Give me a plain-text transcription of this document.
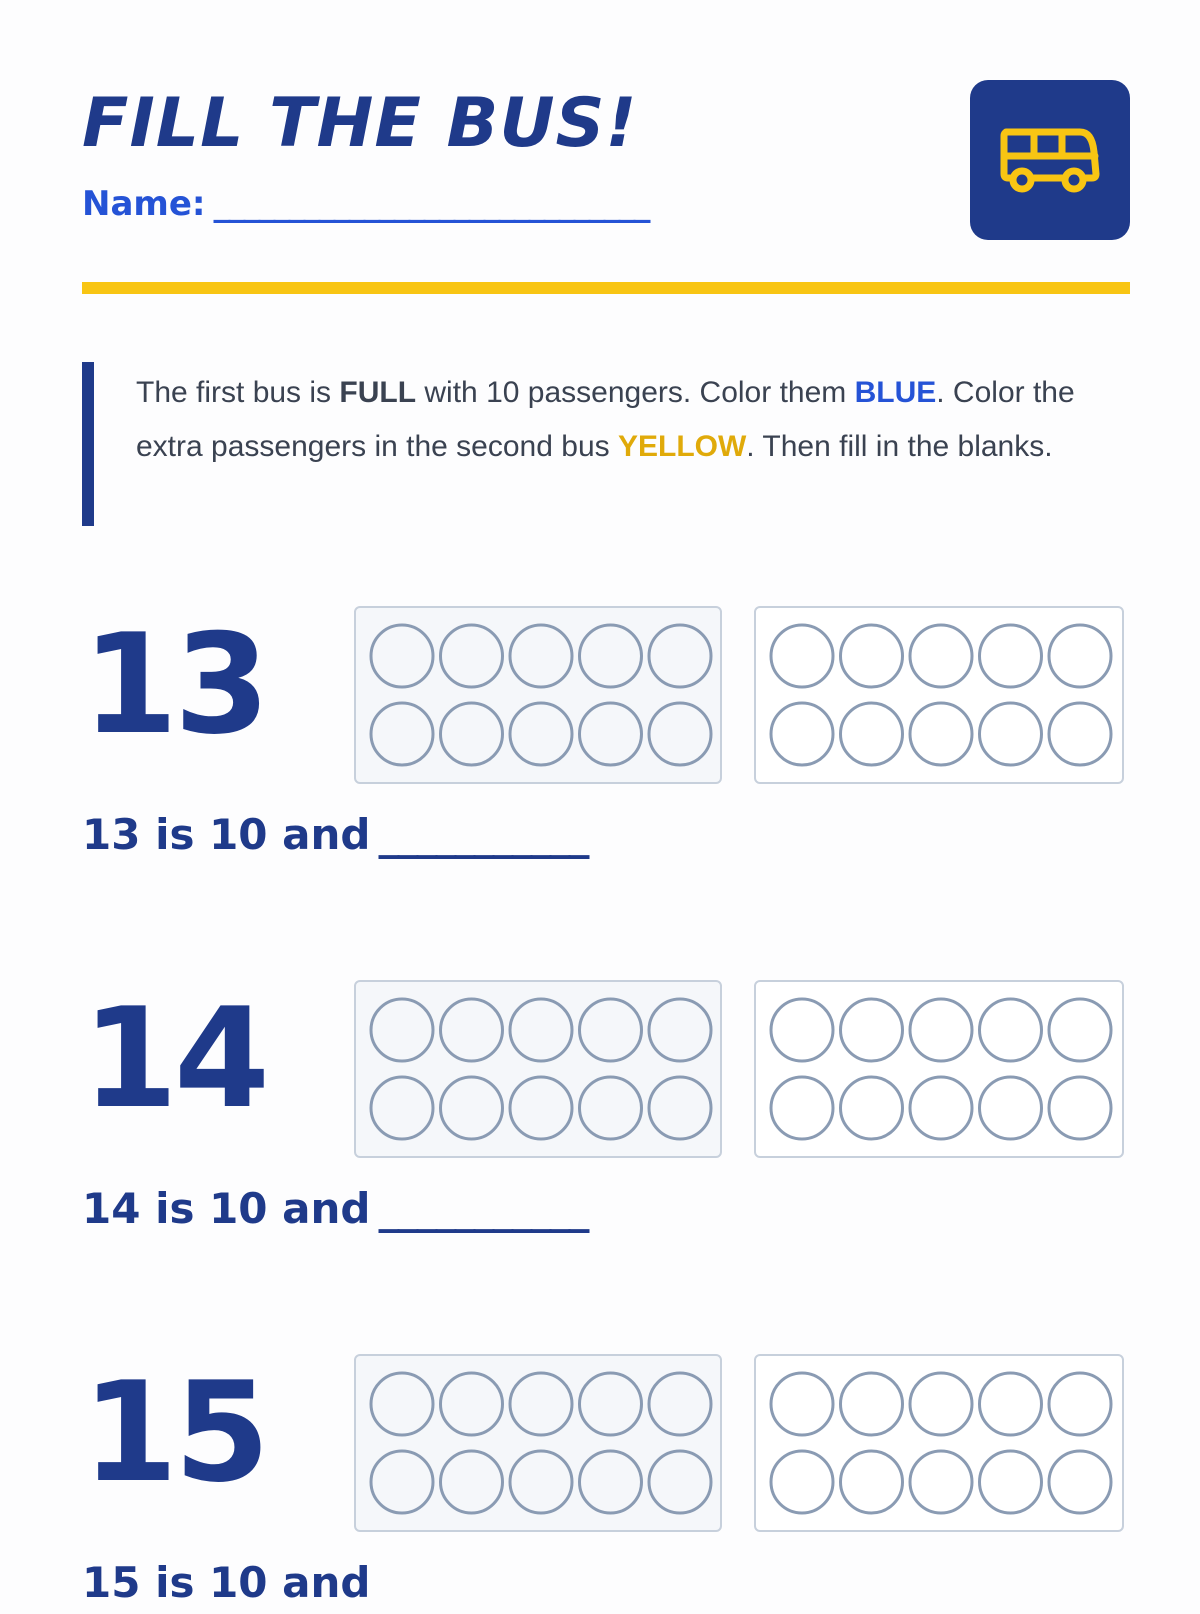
FILL THE BUS!
Name: _____________________________
The first bus is FULL with 10 passengers. Color them BLUE. Color the extra passengers in the second bus YELLOW. Then fill in the blanks.
13
13 is 10 and ___________
14
14 is 10 and ___________
15
15 is 10 and
